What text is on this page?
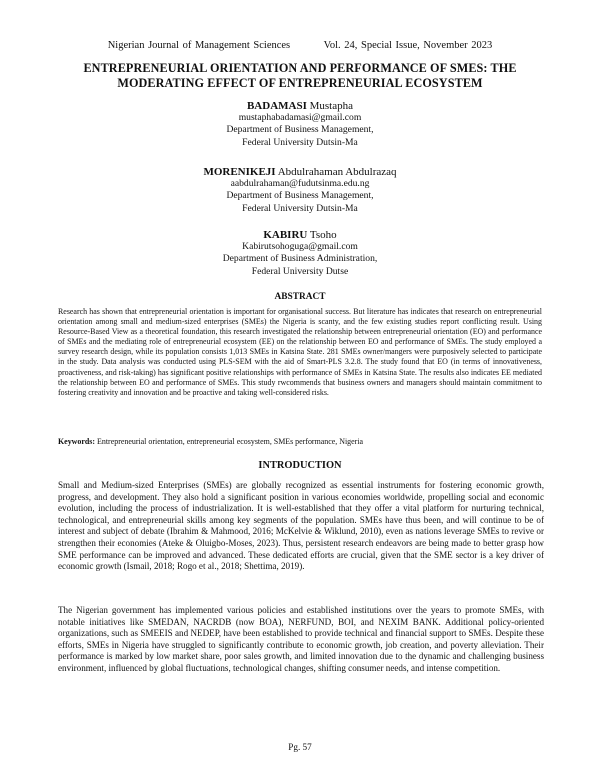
Nigerian Journal of Management Sciences	Vol. 24, Special Issue, November 2023
ENTREPRENEURIAL ORIENTATION AND PERFORMANCE OF SMES: THE
MODERATING EFFECT OF ENTREPRENEURIAL ECOSYSTEM
BADAMASI Mustapha
mustaphabadamasi@gmail.com
Department of Business Management,
Federal University Dutsin-Ma
MORENIKEJI Abdulrahaman Abdulrazaq
aabdulrahaman@fudutsinma.edu.ng
Department of Business Management,
Federal University Dutsin-Ma
KABIRU Tsoho
Kabirutsohoguga@gmail.com
Department of Business Administration,
Federal University Dutse
ABSTRACT
Research has shown that entrepreneurial orientation is important for organisational success. But literature has indicates that research on entrepreneurial orientation among small and medium-sized enterprises (SMEs) the Nigeria is scanty, and the few existing studies report conflicting result. Using Resource-Based View as a theoretical foundation, this research investigated the relationship between entrepreneurial orientation (EO) and performance of SMEs and the mediating role of entrepreneurial ecosystem (EE) on the relationship between EO and performance of SMEs. The study employed a survey research design, while its population consists 1,013 SMEs in Katsina State. 281 SMEs owner/mangers were purposively selected to participate in the study. Data analysis was conducted using PLS-SEM with the aid of Smart-PLS 3.2.8. The study found that EO (in terms of innovativeness, proactiveness, and risk-taking) has significant positive relationships with performance of SMEs in Katsina State. The results also indicates EE mediated the relationship between EO and performance of SMEs. This study rwcommends that business owners and managers should maintain commitment to fostering creativity and innovation and be proactive and taking well-considered risks.
Keywords: Entrepreneurial orientation, entrepreneurial ecosystem, SMEs performance, Nigeria
INTRODUCTION
Small and Medium-sized Enterprises (SMEs) are globally recognized as essential instruments for fostering economic growth, progress, and development. They also hold a significant position in various economies worldwide, propelling social and economic evolution, including the process of industrialization. It is well-established that they offer a vital platform for nurturing technical, technological, and entrepreneurial skills among key segments of the population. SMEs have thus been, and will continue to be of interest and subject of debate (Ibrahim & Mahmood, 2016; McKelvie & Wiklund, 2010), even as nations leverage SMEs to revive or strengthen their economies (Ateke & Oluigbo-Moses, 2023). Thus, persistent research endeavors are being made to better grasp how SME performance can be improved and advanced. These dedicated efforts are crucial, given that the SME sector is a key driver of economic growth (Ismail, 2018; Rogo et al., 2018; Shettima, 2019).
The Nigerian government has implemented various policies and established institutions over the years to promote SMEs, with notable initiatives like SMEDAN, NACRDB (now BOA), NERFUND, BOI, and NEXIM BANK. Additional policy-oriented organizations, such as SMEEIS and NEDEP, have been established to provide technical and financial support to SMEs. Despite these efforts, SMEs in Nigeria have struggled to significantly contribute to economic growth, job creation, and poverty alleviation. Their performance is marked by low market share, poor sales growth, and limited innovation due to the dynamic and challenging business environment, influenced by global fluctuations, technological changes, shifting consumer needs, and intense competition.
Pg. 57
